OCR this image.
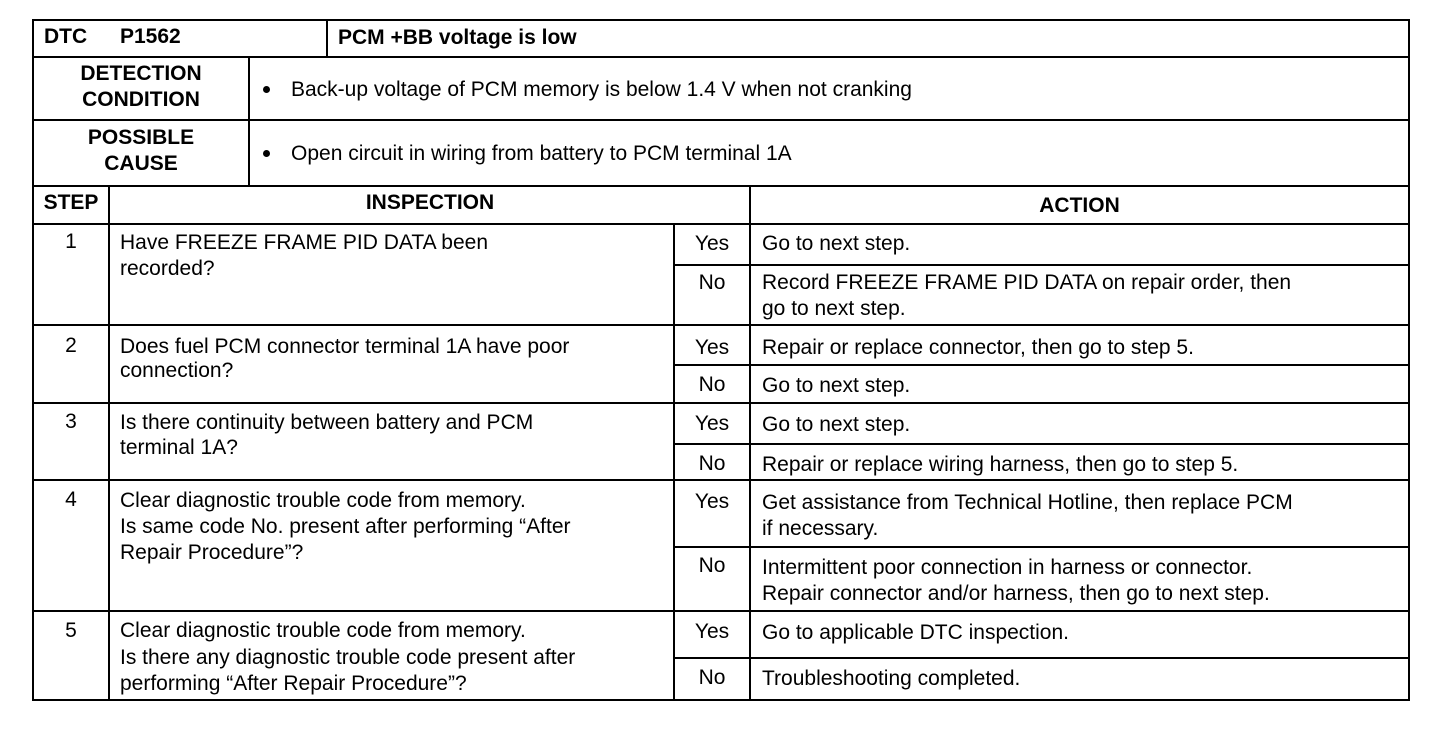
DTC P1562	PCM +BB voltage is low
DETECTION
CONDITION	Back-up voltage of PCM memory is below 1.4 V when not cranking
POSSIBLE
CAUSE	Open circuit in wiring from battery to PCM terminal 1A
STEP	INSPECTION	ACTION
1	Have FREEZE FRAME PID DATA been
recorded?
Yes	Go to next step.
No	Record FREEZE FRAME PID DATA on repair order, then
go to next step.
2	Does fuel PCM connector terminal 1A have poor
connection?
Yes	Repair or replace connector, then go to step 5.
No	Go to next step.
3	Is there continuity between battery and PCM
terminal 1A?
Yes	Go to next step.
No	Repair or replace wiring harness, then go to step 5.
4	Clear diagnostic trouble code from memory.
Is same code No. present after performing “After
Repair Procedure”?
Yes	Get assistance from Technical Hotline, then replace PCM
if necessary.
No	Intermittent poor connection in harness or connector.
Repair connector and/or harness, then go to next step.
5	Clear diagnostic trouble code from memory.
Is there any diagnostic trouble code present after
performing “After Repair Procedure”?
Yes	Go to applicable DTC inspection.
No	Troubleshooting completed.
